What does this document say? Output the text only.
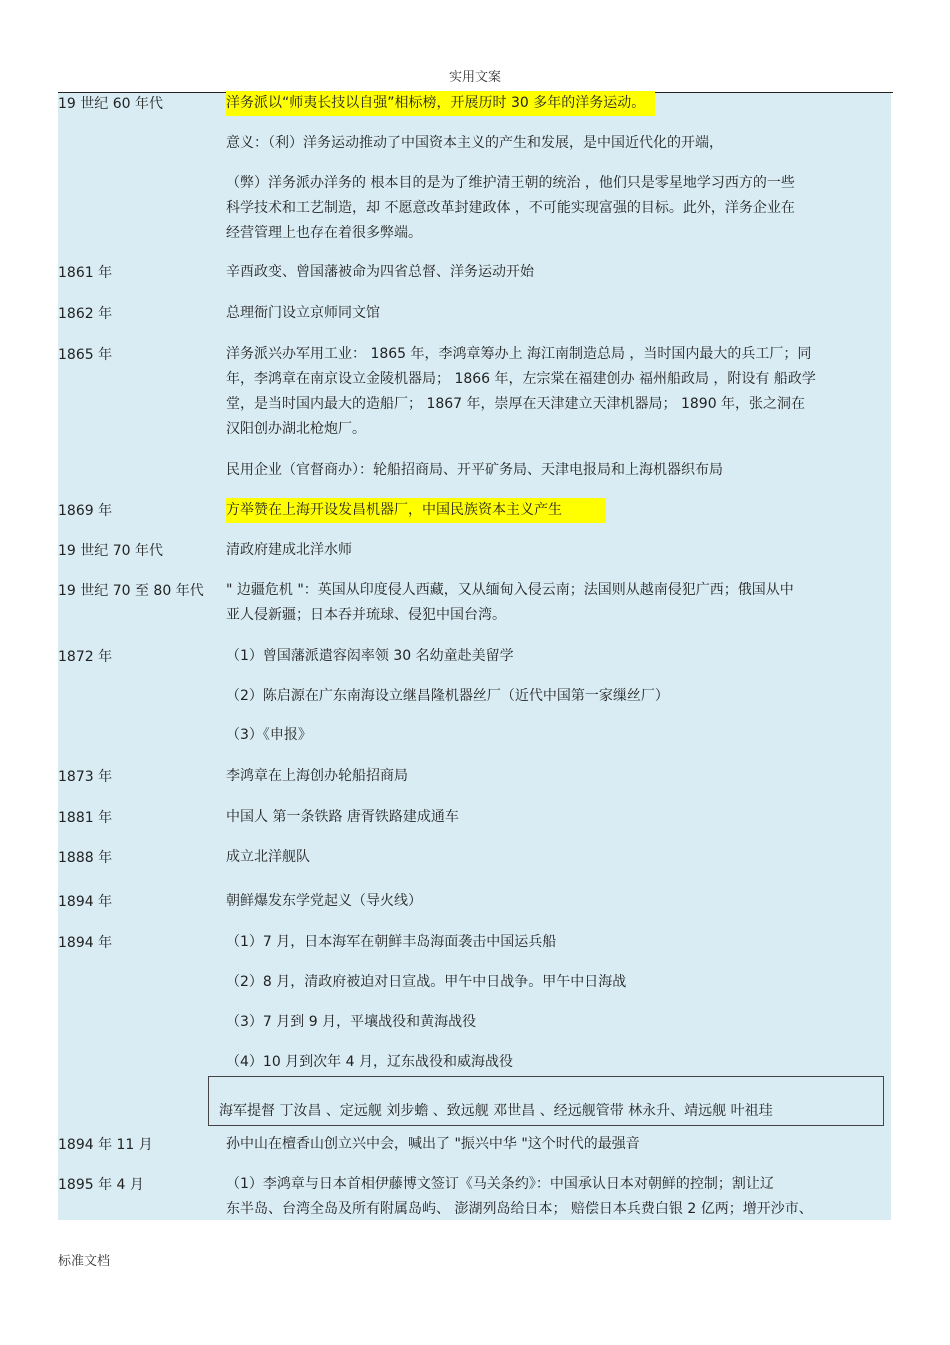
实用文案
19 世纪 60 年代	洋务派以“师夷长技以自强”相标榜，开展历时 30 多年的洋务运动。

意义：（利）洋务运动推动了中国资本主义的产生和发展，是中国近代化的开端，

（弊）洋务派办洋务的 根本目的是为了维护清王朝的统治 ，他们只是零星地学习西方的一些

科学技术和工艺制造，却 不愿意改革封建政体 ，不可能实现富强的目标。此外，洋务企业在

经营管理上也存在着很多弊端。

1861 年	辛酉政变、曾国藩被命为四省总督、洋务运动开始

1862 年	总理衙门设立京师同文馆

1865 年	洋务派兴办军用工业： 1865 年，李鸿章筹办上 海江南制造总局 ，当时国内最大的兵工厂；同

年，李鸿章在南京设立金陵机器局； 1866 年，左宗棠在福建创办 福州船政局 ，附设有 船政学

堂，是当时国内最大的造船厂； 1867 年，崇厚在天津建立天津机器局； 1890 年，张之洞在

汉阳创办湖北枪炮厂。

民用企业（官督商办）：轮船招商局、开平矿务局、天津电报局和上海机器织布局

1869 年	方举赞在上海开设发昌机器厂，中国民族资本主义产生

19 世纪 70 年代	清政府建成北洋水师

19 世纪 70 至 80 年代 " 边疆危机 "：英国从印度侵人西藏，又从缅甸入侵云南；法国则从越南侵犯广西；俄国从中

亚人侵新疆；日本吞并琉球、侵犯中国台湾。

1872 年	（1）曾国藩派遣容闳率领 30 名幼童赴美留学

（2）陈启源在广东南海设立继昌隆机器丝厂（近代中国第一家缫丝厂）

（3）《申报》

1873 年	李鸿章在上海创办轮船招商局

1881 年	中国人 第一条铁路 唐胥铁路建成通车

1888 年	成立北洋舰队

1894 年	朝鲜爆发东学党起义（导火线）

1894 年	（1）7 月，日本海军在朝鲜丰岛海面袭击中国运兵船

（2）8 月，清政府被迫对日宣战。甲午中日战争。甲午中日海战

（3）7 月到 9 月，平壤战役和黄海战役

（4）10 月到次年 4 月，辽东战役和威海战役

海军提督 丁汝昌 、定远舰 刘步蟾 、致远舰 邓世昌 、经远舰管带 林永升、靖远舰 叶祖珪
1894 年 11 月	孙中山在檀香山创立兴中会，喊出了 "振兴中华 "这个时代的最强音

1895 年 4 月	（1）李鸿章与日本首相伊藤博文签订《马关条约》：中国承认日本对朝鲜的控制；割让辽

东半岛、台湾全岛及所有附属岛屿、 澎湖列岛给日本； 赔偿日本兵费白银 2 亿两；增开沙市、

标准文档
